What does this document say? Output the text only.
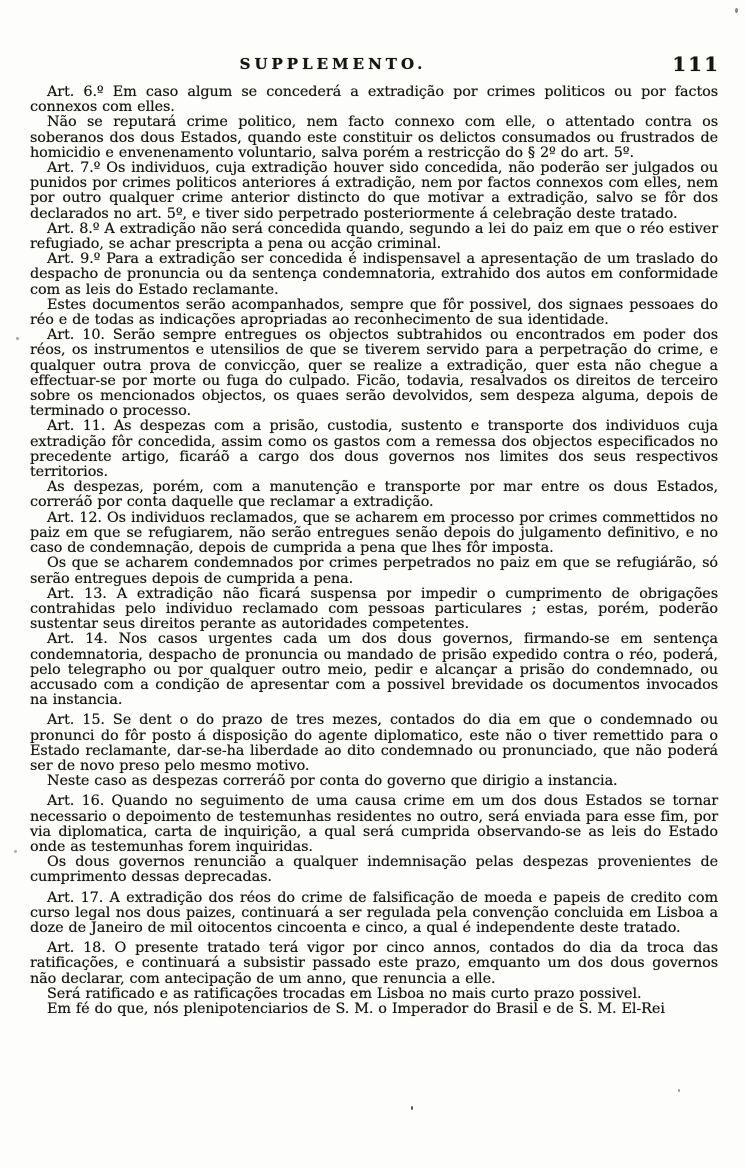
SUPPLEMENTO.	111

Art. 6.º Em caso algum se concederá a extradição por crimes politicos ou por factos connexos com elles.

Não se reputará crime politico, nem facto connexo com elle, o attentado contra os soberanos dos dous Estados, quando este constituir os delictos consumados ou frustrados de homicidio e envenenamento voluntario, salva porém a restricção do § 2º do art. 5º.

Art. 7.º Os individuos, cuja extradição houver sido concedida, não poderão ser julgados ou punidos por crimes politicos anteriores á extradição, nem por factos connexos com elles, nem por outro qualquer crime anterior distincto do que motivar a extradição, salvo se fôr dos declarados no art. 5º, e tiver sido perpetrado posteriormente á celebração deste tratado.

Art. 8.º A extradição não será concedida quando, segundo a lei do paiz em que o réo estiver refugiado, se achar prescripta a pena ou acção criminal.

Art. 9.º Para a extradição ser concedida é indispensavel a apresentação de um traslado do despacho de pronuncia ou da sentença condemnatoria, extrahido dos autos em conformidade com as leis do Estado reclamante.

Estes documentos serão acompanhados, sempre que fôr possivel, dos signaes pessoaes do réo e de todas as indicações apropriadas ao reconhecimento de sua identidade.

Art. 10. Serão sempre entregues os objectos subtrahidos ou encontrados em poder dos réos, os instrumentos e utensilios de que se tiverem servido para a perpetração do crime, e qualquer outra prova de convicção, quer se realize a extradição, quer esta não chegue a effectuar-se por morte ou fuga do culpado. Ficão, todavia, resalvados os direitos de terceiro sobre os mencionados objectos, os quaes serão devolvidos, sem despeza alguma, depois de terminado o processo.

Art. 11. As despezas com a prisão, custodia, sustento e transporte dos individuos cuja extradição fôr concedida, assim como os gastos com a remessa dos objectos especificados no precedente artigo, ficaráõ a cargo dos dous governos nos limites dos seus respectivos territorios.

As despezas, porém, com a manutenção e transporte por mar entre os dous Estados, correráõ por conta daquelle que reclamar a extradição.

Art. 12. Os individuos reclamados, que se acharem em processo por crimes commettidos no paiz em que se refugiarem, não serão entregues senão depois do julgamento definitivo, e no caso de condemnação, depois de cumprida a pena que lhes fôr imposta.

Os que se acharem condemnados por crimes perpetrados no paiz em que se refugiárão, só serão entregues depois de cumprida a pena.

Art. 13. A extradição não ficará suspensa por impedir o cumprimento de obrigações contrahidas pelo individuo reclamado com pessoas particulares ; estas, porém, poderão sustentar seus direitos perante as autoridades competentes.

Art. 14. Nos casos urgentes cada um dos dous governos, firmando-se em sentença condemnatoria, despacho de pronuncia ou mandado de prisão expedido contra o réo, poderá, pelo telegrapho ou por qualquer outro meio, pedir e alcançar a prisão do condemnado, ou accusado com a condição de apresentar com a possivel brevidade os documentos invocados na instancia.

Art. 15. Se dent o do prazo de tres mezes, contados do dia em que o condemnado ou pronunci do fôr posto á disposição do agente diplomatico, este não o tiver remettido para o Estado reclamante, dar-se-ha liberdade ao dito condemnado ou pronunciado, que não poderá ser de novo preso pelo mesmo motivo.

Neste caso as despezas correráõ por conta do governo que dirigio a instancia.

Art. 16. Quando no seguimento de uma causa crime em um dos dous Estados se tornar necessario o depoimento de testemunhas residentes no outro, será enviada para esse fim, por via diplomatica, carta de inquirição, a qual será cumprida observando-se as leis do Estado onde as testemunhas forem inquiridas.

Os dous governos renuncião a qualquer indemnisação pelas despezas provenientes de cumprimento dessas deprecadas.

Art. 17. A extradição dos réos do crime de falsificação de moeda e papeis de credito com curso legal nos dous paizes, continuará a ser regulada pela convenção concluida em Lisboa a doze de Janeiro de mil oitocentos cincoenta e cinco, a qual é independente deste tratado.

Art. 18. O presente tratado terá vigor por cinco annos, contados do dia da troca das ratificações, e continuará a subsistir passado este prazo, emquanto um dos dous governos não declarar, com antecipação de um anno, que renuncia a elle.

Será ratificado e as ratificações trocadas em Lisboa no mais curto prazo possivel.

Em fé do que, nós plenipotenciarios de S. M. o Imperador do Brasil e de S. M. El-Rei
